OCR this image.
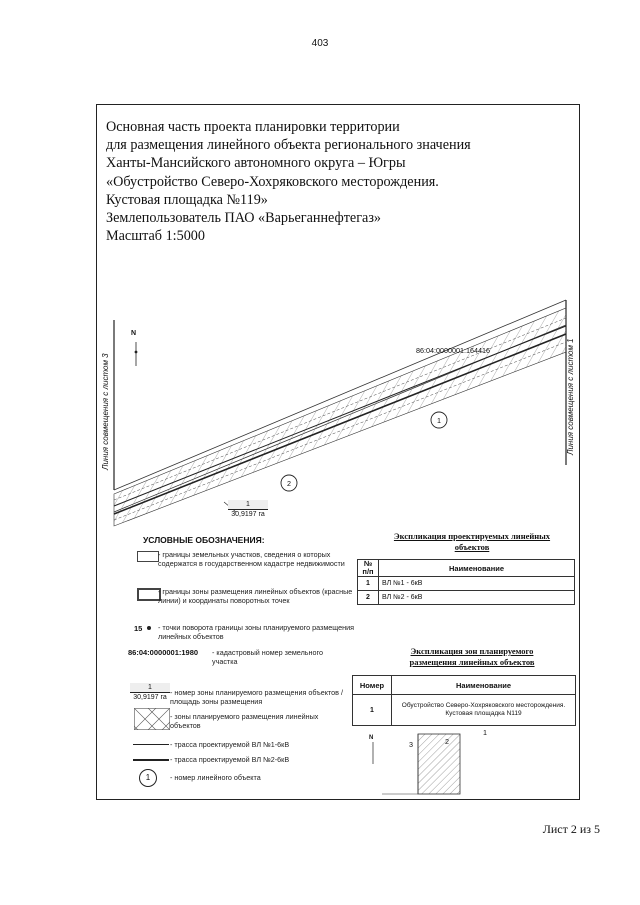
403
Основная часть проекта планировки территории
для размещения линейного объекта регионального значения
Ханты-Мансийского автономного округа – Югры
«Обустройство Северо-Хохряковского месторождения.
Кустовая площадка №119»
Землепользователь ПАО «Варьеганнефтегаз»
Масштаб 1:5000
N
Линия совмещения с листом 3	Линия совмещения с листом 1
86:04:0000001:164416
1
2
1
30,9197 га
УСЛОВНЫЕ ОБОЗНАЧЕНИЯ:
- границы земельных участков, сведения о которых содержатся в государственном кадастре недвижимости
- границы зоны размещения линейных объектов (красные линии) и координаты поворотных точек
15 - точки поворота границы зоны планируемого размещения линейных объектов
86:04:0000001:1980 - кадастровый номер земельного участка
1
30,9197 га
- номер зоны планируемого размещения объектов /площадь зоны размещения
- зоны планируемого размещения линейных объектов
- трасса проектируемой ВЛ №1-6кВ
- трасса проектируемой ВЛ №2-6кВ
1	- номер линейного объекта
Экспликация проектируемых линейных объектов
№ п/п	Наименование
1	ВЛ №1 - 6кВ
2	ВЛ №2 - 6кВ
Экспликация зон планируемого размещения линейных объектов
Номер	Наименование
1	Обустройство Северо-Хохряковского месторождения. Кустовая площадка N119
N
3	2
1
Лист 2 из 5
